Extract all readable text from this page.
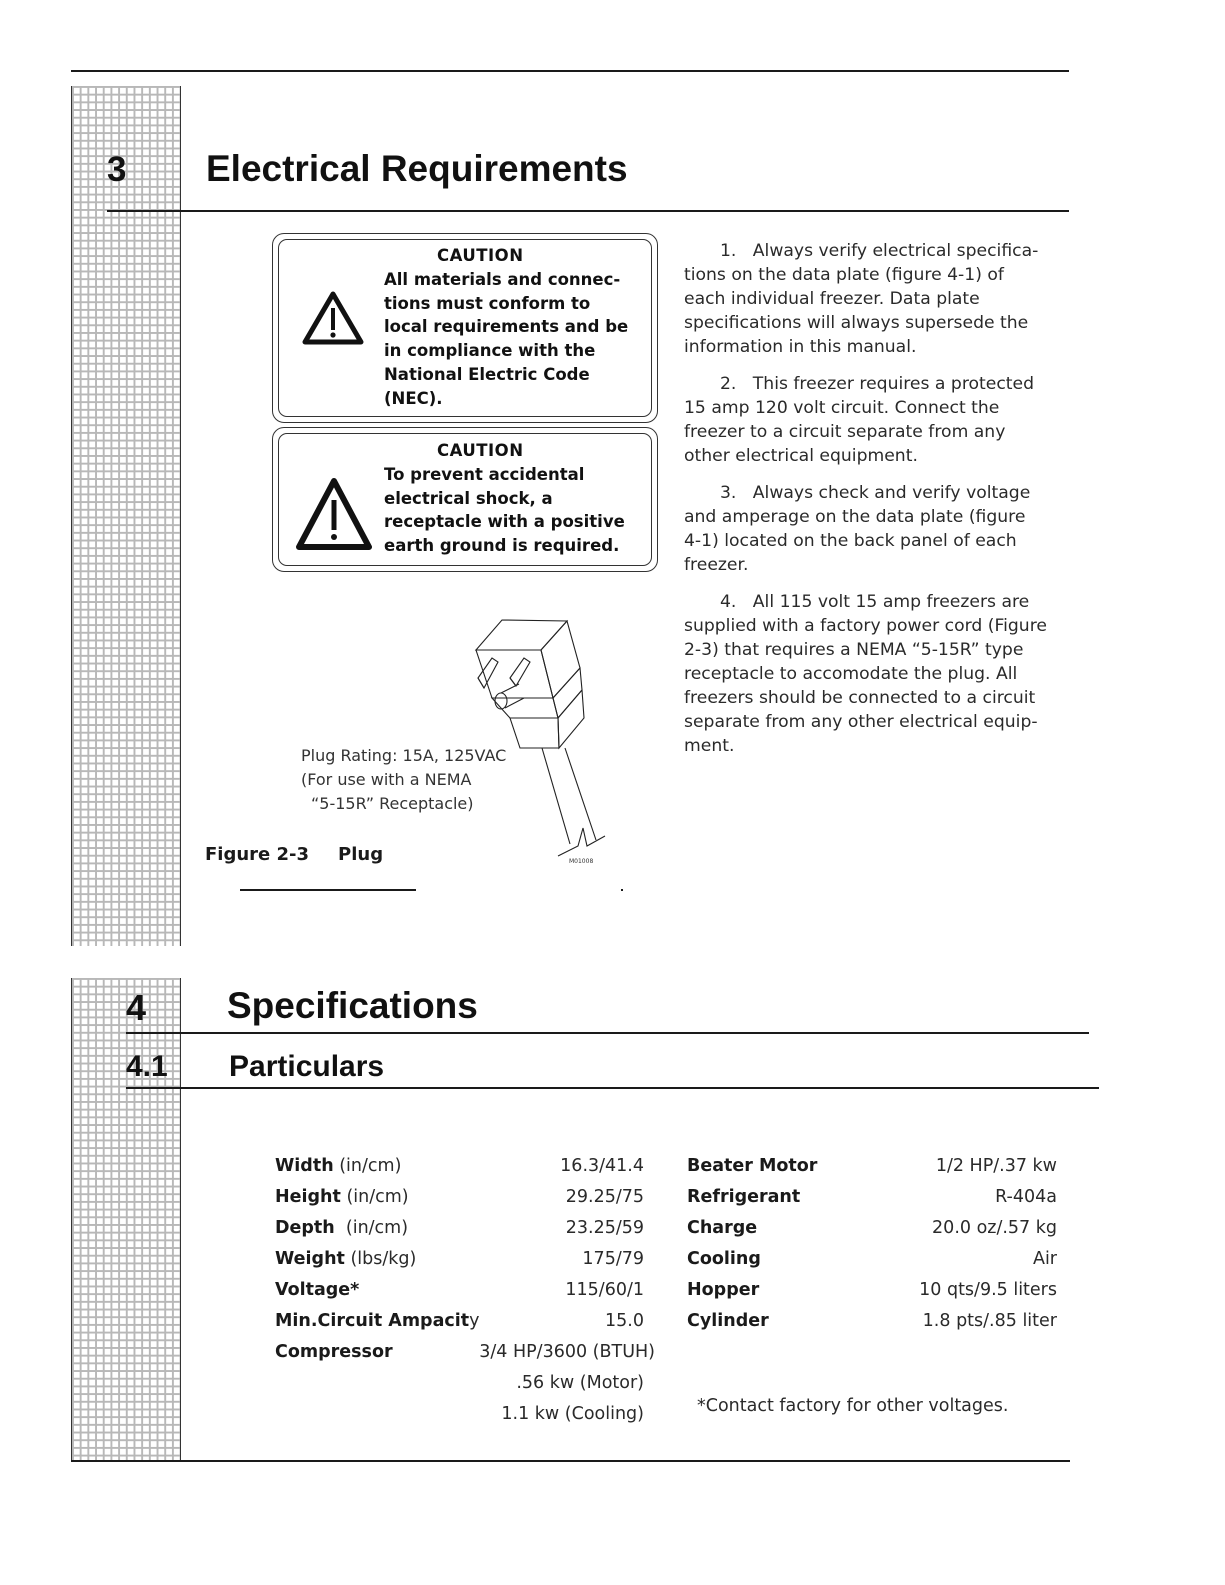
3 Electrical Requirements
CAUTION
All materials and connec-
tions must conform to
local requirements and be
in compliance with the
National Electric Code
(NEC).
CAUTION
To prevent accidental
electrical shock, a
receptacle with a positive
earth ground is required.

1. Always verify electrical specifica-
tions on the data plate (figure 4-1) of
each individual freezer. Data plate
specifications will always supersede the
information in this manual.

2. This freezer requires a protected
15 amp 120 volt circuit. Connect the
freezer to a circuit separate from any
other electrical equipment.

3. Always check and verify voltage
and amperage on the data plate (figure
4-1) located on the back panel of each
freezer.

4. All 115 volt 15 amp freezers are
supplied with a factory power cord (Figure
2-3) that requires a NEMA “5-15R” type
receptacle to accomodate the plug. All
freezers should be connected to a circuit
separate from any other electrical equip-
ment.

M01008
Plug Rating: 15A, 125VAC
(For use with a NEMA
“5-15R” Receptacle)
Figure 2-3 Plug
4 Specifications
4.1 Particulars
Width (in/cm)	16.3/41.4
Height (in/cm)	29.25/75
Depth  (in/cm)	23.25/59
Weight (lbs/kg)	175/79
Voltage*	115/60/1
Min.Circuit Ampacity	15.0
Compressor	3/4 HP/3600 (BTUH)
.56 kw (Motor)
1.1 kw (Cooling)
Beater Motor	1/2 HP/.37 kw
Refrigerant	R-404a
Charge	20.0 oz/.57 kg
Cooling	Air
Hopper	10 qts/9.5 liters
Cylinder	1.8 pts/.85 liter
*Contact factory for other voltages.
